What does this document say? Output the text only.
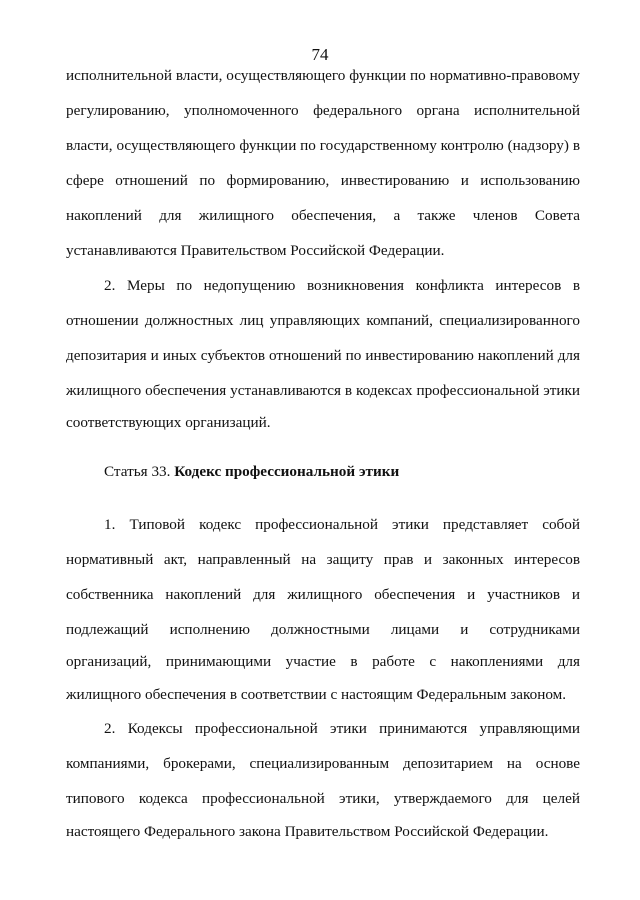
74
исполнительной власти, осуществляющего функции по нормативно-правовому
регулированию, уполномоченного федерального органа исполнительной
власти, осуществляющего функции по государственному контролю (надзору) в
сфере отношений по формированию, инвестированию и использованию
накоплений для жилищного обеспечения, а также членов Совета
устанавливаются Правительством Российской Федерации.
2. Меры по недопущению возникновения конфликта интересов в
отношении должностных лиц управляющих компаний, специализированного
депозитария и иных субъектов отношений по инвестированию накоплений для
жилищного обеспечения устанавливаются в кодексах профессиональной этики
соответствующих организаций.
Статья 33. Кодекс профессиональной этики
1. Типовой кодекс профессиональной этики представляет собой
нормативный акт, направленный на защиту прав и законных интересов
собственника накоплений для жилищного обеспечения и участников и
подлежащий исполнению должностными лицами и сотрудниками
организаций, принимающими участие в работе с накоплениями для
жилищного обеспечения в соответствии с настоящим Федеральным законом.
2. Кодексы профессиональной этики принимаются управляющими
компаниями, брокерами, специализированным депозитарием на основе
типового кодекса профессиональной этики, утверждаемого для целей
настоящего Федерального закона Правительством Российской Федерации.
